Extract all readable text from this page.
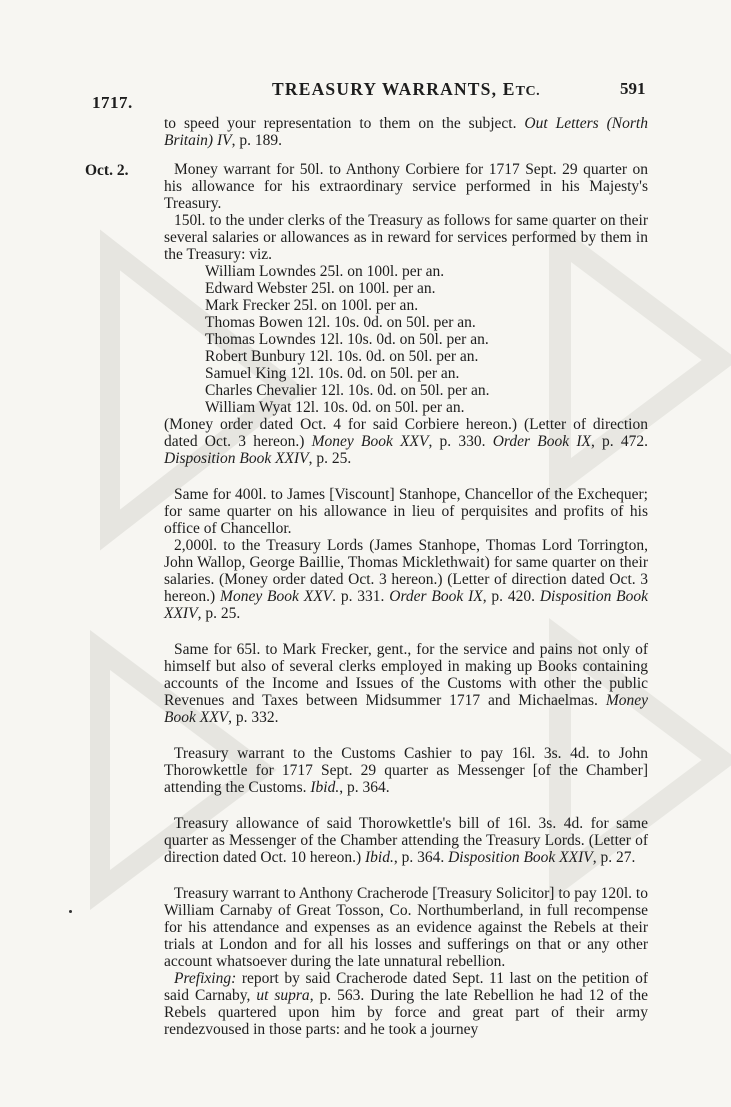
1717.
TREASURY WARRANTS, ETC.	591
Oct. 2.

to speed your representation to them on the subject. Out Letters (North Britain) IV, p. 189.

Money warrant for 50l. to Anthony Corbiere for 1717 Sept. 29 quarter on his allowance for his extraordinary service performed in his Majesty's Treasury.

150l. to the under clerks of the Treasury as follows for same quarter on their several salaries or allowances as in reward for services performed by them in the Treasury: viz.

William Lowndes 25l. on 100l. per an.
Edward Webster 25l. on 100l. per an.
Mark Frecker 25l. on 100l. per an.
Thomas Bowen 12l. 10s. 0d. on 50l. per an.
Thomas Lowndes 12l. 10s. 0d. on 50l. per an.
Robert Bunbury 12l. 10s. 0d. on 50l. per an.
Samuel King 12l. 10s. 0d. on 50l. per an.
Charles Chevalier 12l. 10s. 0d. on 50l. per an.
William Wyat 12l. 10s. 0d. on 50l. per an.

(Money order dated Oct. 4 for said Corbiere hereon.) (Letter of direction dated Oct. 3 hereon.) Money Book XXV, p. 330. Order Book IX, p. 472. Disposition Book XXIV, p. 25.

Same for 400l. to James [Viscount] Stanhope, Chancellor of the Exchequer; for same quarter on his allowance in lieu of perquisites and profits of his office of Chancellor.

2,000l. to the Treasury Lords (James Stanhope, Thomas Lord Torrington, John Wallop, George Baillie, Thomas Micklethwait) for same quarter on their salaries. (Money order dated Oct. 3 hereon.) (Letter of direction dated Oct. 3 hereon.) Money Book XXV. p. 331. Order Book IX, p. 420. Disposition Book XXIV, p. 25.

Same for 65l. to Mark Frecker, gent., for the service and pains not only of himself but also of several clerks employed in making up Books containing accounts of the Income and Issues of the Customs with other the public Revenues and Taxes between Midsummer 1717 and Michaelmas. Money Book XXV, p. 332.

Treasury warrant to the Customs Cashier to pay 16l. 3s. 4d. to John Thorowkettle for 1717 Sept. 29 quarter as Messenger [of the Chamber] attending the Customs. Ibid., p. 364.

Treasury allowance of said Thorowkettle's bill of 16l. 3s. 4d. for same quarter as Messenger of the Chamber attending the Treasury Lords. (Letter of direction dated Oct. 10 hereon.) Ibid., p. 364. Disposition Book XXIV, p. 27.

Treasury warrant to Anthony Cracherode [Treasury Solicitor] to pay 120l. to William Carnaby of Great Tosson, Co. Northumberland, in full recompense for his attendance and expenses as an evidence against the Rebels at their trials at London and for all his losses and sufferings on that or any other account whatsoever during the late unnatural rebellion.

Prefixing: report by said Cracherode dated Sept. 11 last on the petition of said Carnaby, ut supra, p. 563. During the late Rebellion he had 12 of the Rebels quartered upon him by force and great part of their army rendezvoused in those parts: and he took a journey
